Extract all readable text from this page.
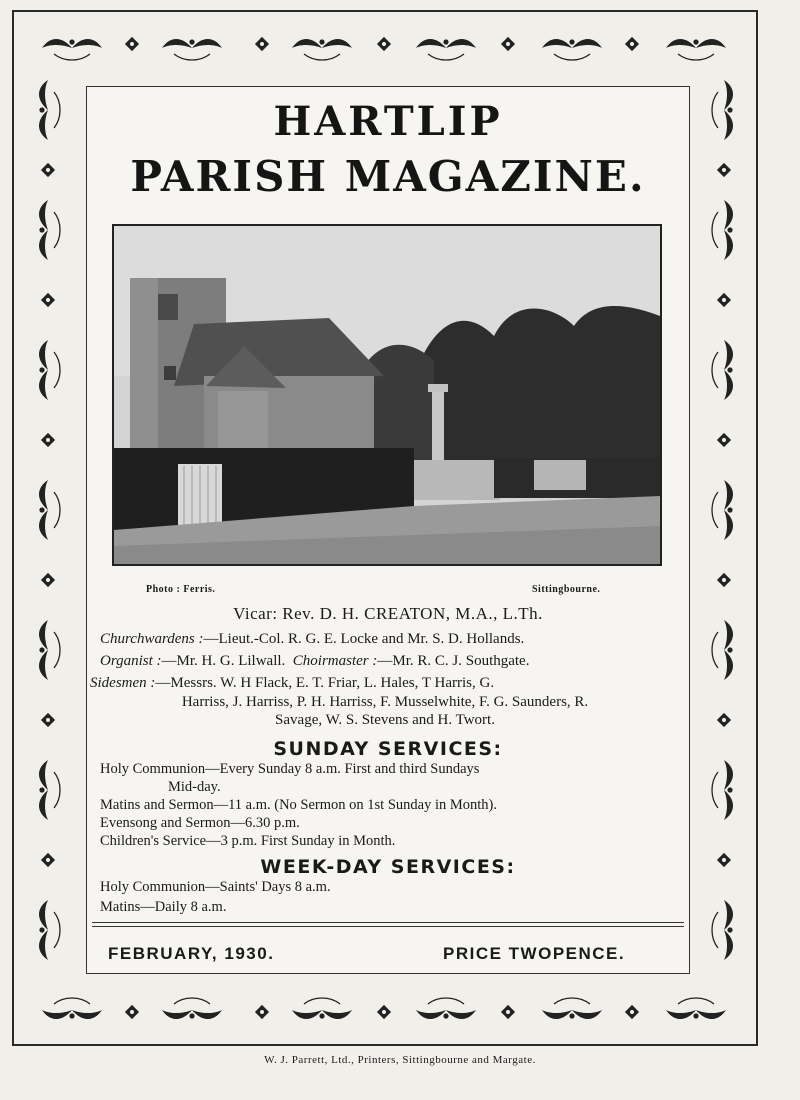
HARTLIP
PARISH MAGAZINE.
Photo : Ferris.	Sittingbourne.
Vicar: Rev. D. H. CREATON, M.A., L.Th.
Churchwardens :—Lieut.-Col. R. G. E. Locke and Mr. S. D. Hollands.
Organist :—Mr. H. G. Lilwall. Choirmaster :—Mr. R. C. J. Southgate.
Sidesmen :—Messrs. W. H Flack, E. T. Friar, L. Hales, T Harris, G.
Harriss, J. Harriss, P. H. Harriss, F. Musselwhite, F. G. Saunders, R.
Savage, W. S. Stevens and H. Twort.
SUNDAY SERVICES:
Holy Communion—Every Sunday 8 a.m. First and third Sundays
Mid-day.
Matins and Sermon—11 a.m. (No Sermon on 1st Sunday in Month).
Evensong and Sermon—6.30 p.m.
Children's Service—3 p.m. First Sunday in Month.
WEEK-DAY SERVICES:
Holy Communion—Saints' Days 8 a.m.
Matins—Daily 8 a.m.
FEBRUARY, 1930.	PRICE TWOPENCE.
W. J. Parrett, Ltd., Printers, Sittingbourne and Margate.
